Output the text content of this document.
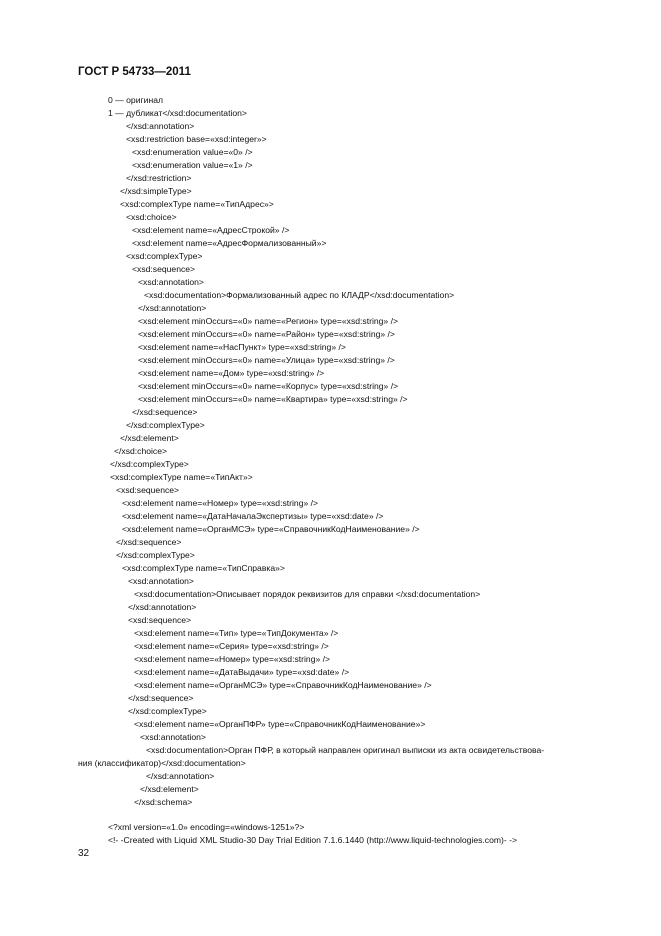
ГОСТ Р 54733—2011
0 — оригинал
1 — дубликат</xsd:documentation>
</xsd:annotation>
<xsd:restriction base=«xsd:integer»>
<xsd:enumeration value=«0» />
<xsd:enumeration value=«1» />
</xsd:restriction>
</xsd:simpleType>
<xsd:complexType name=«ТипАдрес»>
<xsd:choice>
<xsd:element name=«АдресСтрокой» />
<xsd:element name=«АдресФормализованный»>
<xsd:complexType>
<xsd:sequence>
<xsd:annotation>
<xsd:documentation>Формализованный адрес по КЛАДР</xsd:documentation>
</xsd:annotation>
<xsd:element minOccurs=«0» name=«Регион» type=«xsd:string» />
<xsd:element minOccurs=«0» name=«Район» type=«xsd:string» />
<xsd:element name=«НасПункт» type=«xsd:string» />
<xsd:element minOccurs=«0» name=«Улица» type=«xsd:string» />
<xsd:element name=«Дом» type=«xsd:string» />
<xsd:element minOccurs=«0» name=«Корпус» type=«xsd:string» />
<xsd:element minOccurs=«0» name=«Квартира» type=«xsd:string» />
</xsd:sequence>
</xsd:complexType>
</xsd:element>
</xsd:choice>
</xsd:complexType>
<xsd:complexType name=«ТипАкт»>
<xsd:sequence>
<xsd:element name=«Номер» type=«xsd:string» />
<xsd:element name=«ДатаНачалаЭкспертизы» type=«xsd:date» />
<xsd:element name=«ОрганМСЭ» type=«СправочникКодНаименование» />
</xsd:sequence>
</xsd:complexType>
<xsd:complexType name=«ТипСправка»>
<xsd:annotation>
<xsd:documentation>Описывает порядок реквизитов для справки </xsd:documentation>
</xsd:annotation>
<xsd:sequence>
<xsd:element name=«Тип» type=«ТипДокумента» />
<xsd:element name=«Серия» type=«xsd:string» />
<xsd:element name=«Номер» type=«xsd:string» />
<xsd:element name=«ДатаВыдачи» type=«xsd:date» />
<xsd:element name=«ОрганМСЭ» type=«СправочникКодНаименование» />
</xsd:sequence>
</xsd:complexType>
<xsd:element name=«ОрганПФР» type=«СправочникКодНаименование»>
<xsd:annotation>
<xsd:documentation>Орган ПФР, в который направлен оригинал выписки из акта освидетельствова-
ния (классификатор)</xsd:documentation>
</xsd:annotation>
</xsd:element>
</xsd:schema>
<?xml version=«1.0» encoding=«windows-1251»?>
<!- -Created with Liquid XML Studio-30 Day Trial Edition 7.1.6.1440 (http://www.liquid-technologies.com)- ->
32
